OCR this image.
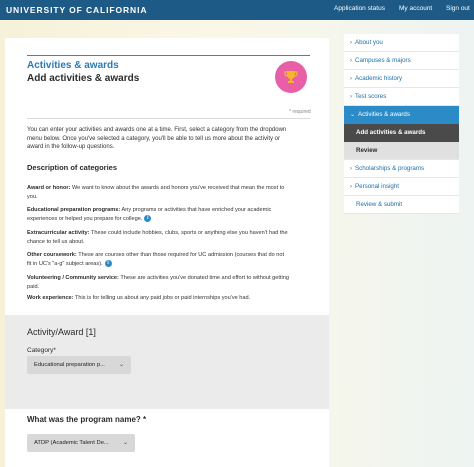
UNIVERSITY OF CALIFORNIA	Application status My account Sign out
Activities & awards
Add activities & awards
* required
You can enter your activities and awards one at a time. First, select a category from the dropdown menu below. Once you've selected a category, you'll be able to tell us more about the activity or award in the follow-up questions.
Description of categories
Award or honor: We want to know about the awards and honors you've received that mean the most to you.
Educational preparation programs: Any programs or activities that have enriched your academic experiences or helped you prepare for college. i
Extracurricular activity: These could include hobbies, clubs, sports or anything else you haven't had the chance to tell us about.
Other coursework: These are courses other than those required for UC admission (courses that do not fit in UC's "a-g" subject areas). i
Volunteering / Community service: These are activities you've donated time and effort to without getting paid.
Work experience: This is for telling us about any paid jobs or paid internships you've had.
Activity/Award [1]
Category*
Educational preparation p... ⌄
What was the program name? *
ATDP (Academic Talent De... ⌄
› About you
› Campuses & majors
› Academic history
› Test scores
⌄ Activities & awards
Add activities & awards
Review
› Scholarships & programs
› Personal insight
Review & submit
